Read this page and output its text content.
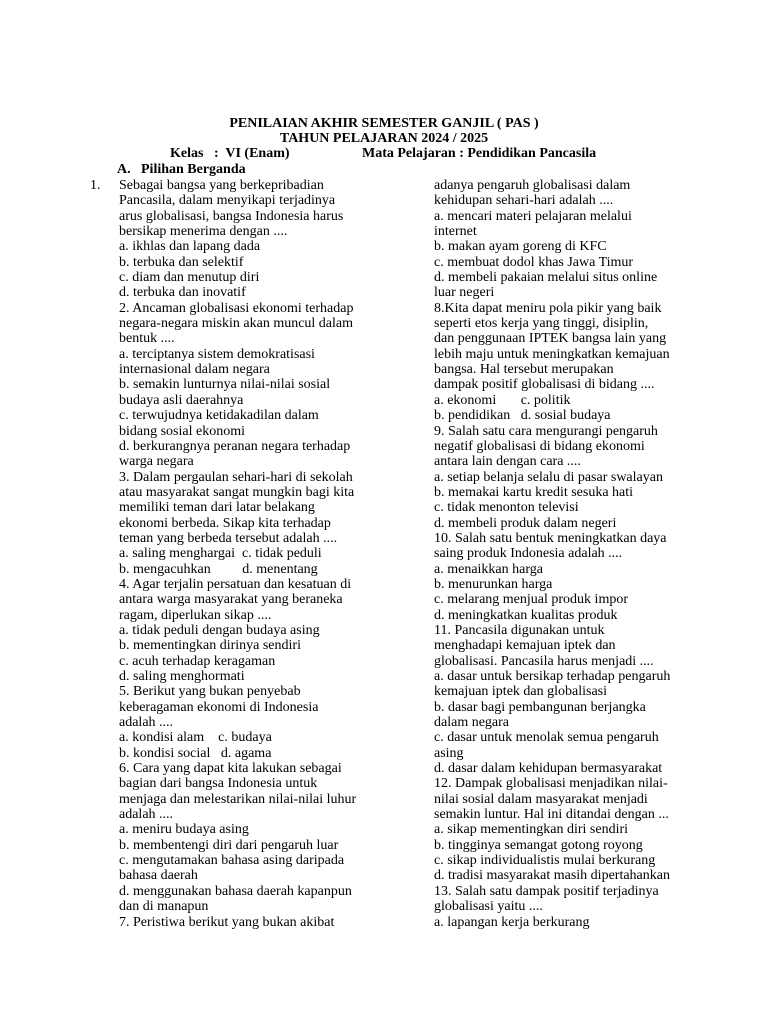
PENILAIAN AKHIR SEMESTER GANJIL ( PAS )
TAHUN PELAJARAN 2024 / 2025
Kelas   :  VI (Enam)	Mata Pelajaran : Pendidikan Pancasila
A. Pilihan Berganda
1. Sebagai bangsa yang berkepribadian
Pancasila, dalam menyikapi terjadinya
arus globalisasi, bangsa Indonesia harus
bersikap menerima dengan ....
a. ikhlas dan lapang dada
b. terbuka dan selektif
c. diam dan menutup diri
d. terbuka dan inovatif
2. Ancaman globalisasi ekonomi terhadap
negara-negara miskin akan muncul dalam
bentuk ....
a. terciptanya sistem demokratisasi
internasional dalam negara
b. semakin lunturnya nilai-nilai sosial
budaya asli daerahnya
c. terwujudnya ketidakadilan dalam
bidang sosial ekonomi
d. berkurangnya peranan negara terhadap
warga negara
3. Dalam pergaulan sehari-hari di sekolah
atau masyarakat sangat mungkin bagi kita
memiliki teman dari latar belakang
ekonomi berbeda. Sikap kita terhadap
teman yang berbeda tersebut adalah ....
a. saling menghargai  c. tidak peduli
b. mengacuhkan         d. menentang
4. Agar terjalin persatuan dan kesatuan di
antara warga masyarakat yang beraneka
ragam, diperlukan sikap ....
a. tidak peduli dengan budaya asing
b. mementingkan dirinya sendiri
c. acuh terhadap keragaman
d. saling menghormati
5. Berikut yang bukan penyebab
keberagaman ekonomi di Indonesia
adalah ....
a. kondisi alam    c. budaya
b. kondisi social   d. agama
6. Cara yang dapat kita lakukan sebagai
bagian dari bangsa Indonesia untuk
menjaga dan melestarikan nilai-nilai luhur
adalah ....
a. meniru budaya asing
b. membentengi diri dari pengaruh luar
c. mengutamakan bahasa asing daripada
bahasa daerah
d. menggunakan bahasa daerah kapanpun
dan di manapun
7. Peristiwa berikut yang bukan akibat
adanya pengaruh globalisasi dalam
kehidupan sehari-hari adalah ....
a. mencari materi pelajaran melalui
internet
b. makan ayam goreng di KFC
c. membuat dodol khas Jawa Timur
d. membeli pakaian melalui situs online
luar negeri
8.Kita dapat meniru pola pikir yang baik
seperti etos kerja yang tinggi, disiplin,
dan penggunaan IPTEK bangsa lain yang
lebih maju untuk meningkatkan kemajuan
bangsa. Hal tersebut merupakan
dampak positif globalisasi di bidang ....
a. ekonomi       c. politik
b. pendidikan   d. sosial budaya
9. Salah satu cara mengurangi pengaruh
negatif globalisasi di bidang ekonomi
antara lain dengan cara ....
a. setiap belanja selalu di pasar swalayan
b. memakai kartu kredit sesuka hati
c. tidak menonton televisi
d. membeli produk dalam negeri
10. Salah satu bentuk meningkatkan daya
saing produk Indonesia adalah ....
a. menaikkan harga
b. menurunkan harga
c. melarang menjual produk impor
d. meningkatkan kualitas produk
11. Pancasila digunakan untuk
menghadapi kemajuan iptek dan
globalisasi. Pancasila harus menjadi ....
a. dasar untuk bersikap terhadap pengaruh
kemajuan iptek dan globalisasi
b. dasar bagi pembangunan berjangka
dalam negara
c. dasar untuk menolak semua pengaruh
asing
d. dasar dalam kehidupan bermasyarakat
12. Dampak globalisasi menjadikan nilai-
nilai sosial dalam masyarakat menjadi
semakin luntur. Hal ini ditandai dengan ...
a. sikap mementingkan diri sendiri
b. tingginya semangat gotong royong
c. sikap individualistis mulai berkurang
d. tradisi masyarakat masih dipertahankan
13. Salah satu dampak positif terjadinya
globalisasi yaitu ....
a. lapangan kerja berkurang
